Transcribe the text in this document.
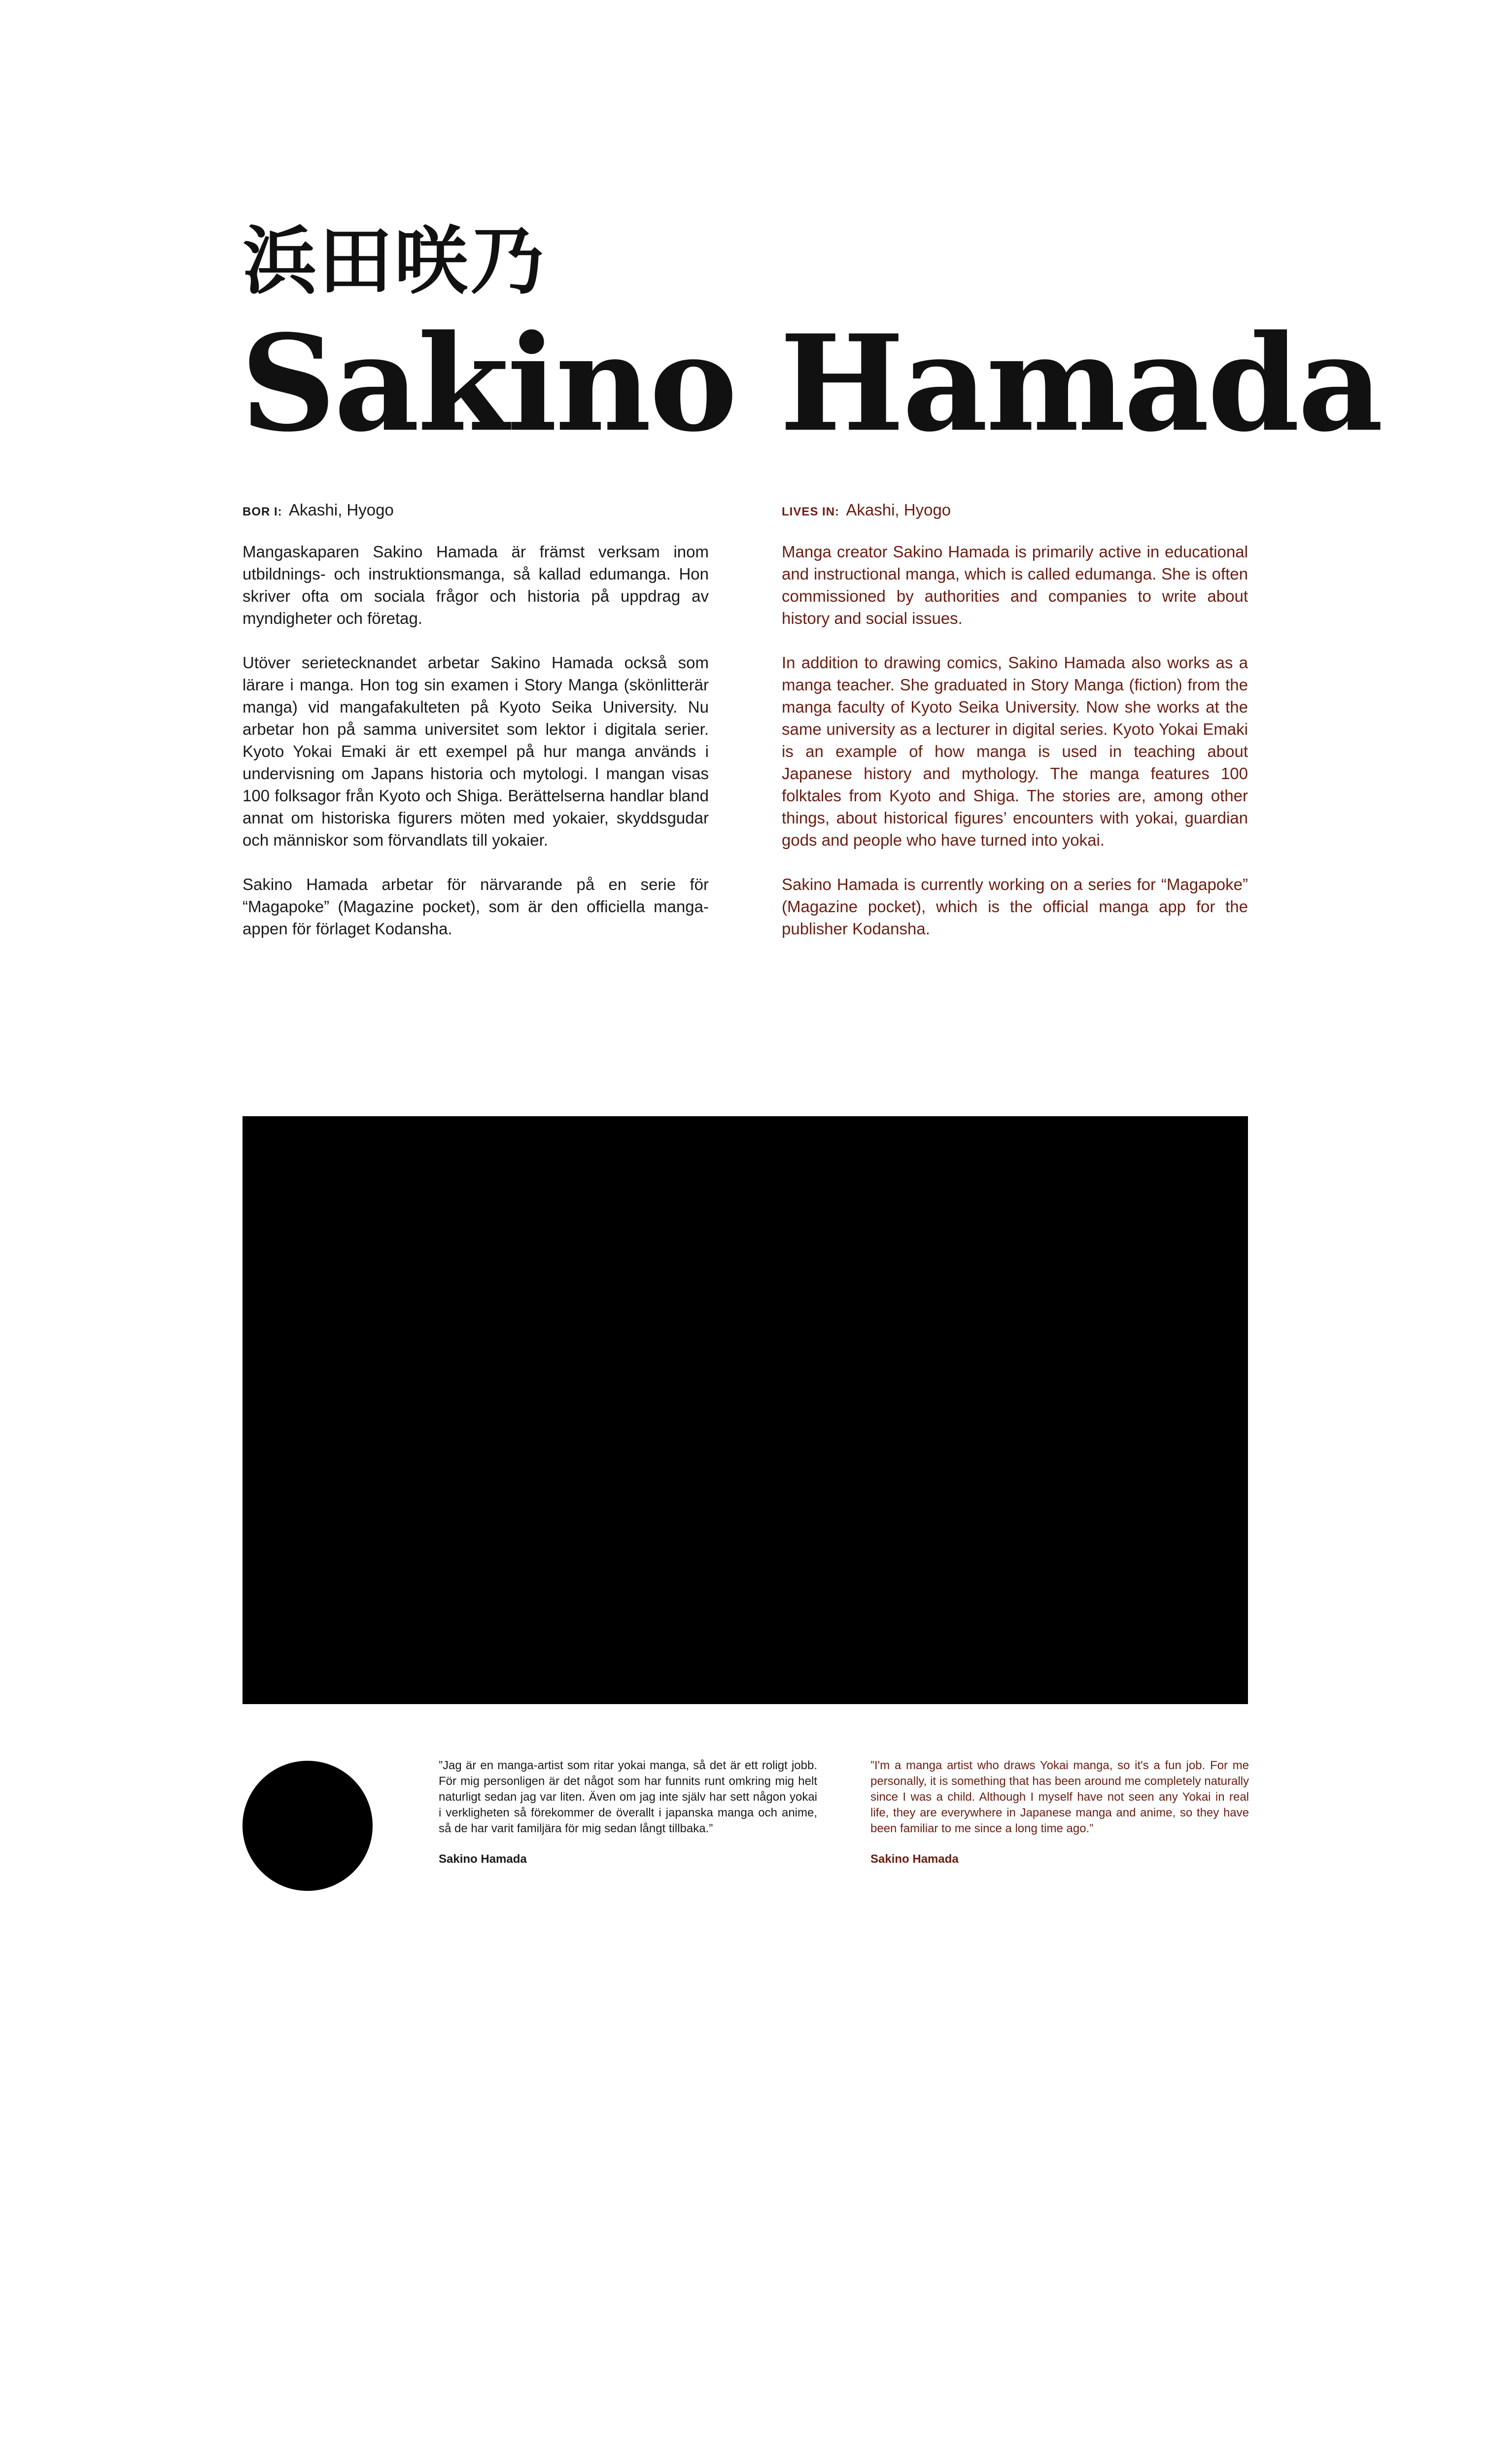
浜田咲乃
Sakino Hamada

BOR I: Akashi, Hyogo

Mangaskaparen Sakino Hamada är främst verksam inom utbildnings- och instruktionsmanga, så kallad edumanga. Hon skriver ofta om sociala frågor och historia på uppdrag av myndigheter och företag.

Utöver serietecknandet arbetar Sakino Hamada också som lärare i manga. Hon tog sin examen i Story Manga (skönlitterär manga) vid mangafakulteten på Kyoto Seika University. Nu arbetar hon på samma universitet som lektor i digitala serier. Kyoto Yokai Emaki är ett exempel på hur manga används i undervisning om Japans historia och mytologi. I mangan visas 100 folksagor från Kyoto och Shiga. Berättelserna handlar bland annat om historiska figurers möten med yokaier, skyddsgudar och människor som förvandlats till yokaier.

Sakino Hamada arbetar för närvarande på en serie för “Magapoke” (Magazine pocket), som är den officiella manga-appen för förlaget Kodansha.

LIVES IN: Akashi, Hyogo

Manga creator Sakino Hamada is primarily active in educational and instructional manga, which is called edumanga. She is often commissioned by authorities and companies to write about history and social issues.

In addition to drawing comics, Sakino Hamada also works as a manga teacher. She graduated in Story Manga (fiction) from the manga faculty of Kyoto Seika University. Now she works at the same university as a lecturer in digital series. Kyoto Yokai Emaki is an example of how manga is used in teaching about Japanese history and mythology. The manga features 100 folktales from Kyoto and Shiga. The stories are, among other things, about historical figures’ encounters with yokai, guardian gods and people who have turned into yokai.

Sakino Hamada is currently working on a series for “Magapoke” (Magazine pocket), which is the official manga app for the publisher Kodansha.

”Jag är en manga-artist som ritar yokai manga, så det är ett roligt jobb. För mig personligen är det något som har funnits runt omkring mig helt naturligt sedan jag var liten. Även om jag inte själv har sett någon yokai i verkligheten så förekommer de överallt i japanska manga och anime, så de har varit familjära för mig sedan långt tillbaka.”

Sakino Hamada

”I'm a manga artist who draws Yokai manga, so it's a fun job. For me personally, it is something that has been around me completely naturally since I was a child. Although I myself have not seen any Yokai in real life, they are everywhere in Japanese manga and anime, so they have been familiar to me since a long time ago.”

Sakino Hamada
